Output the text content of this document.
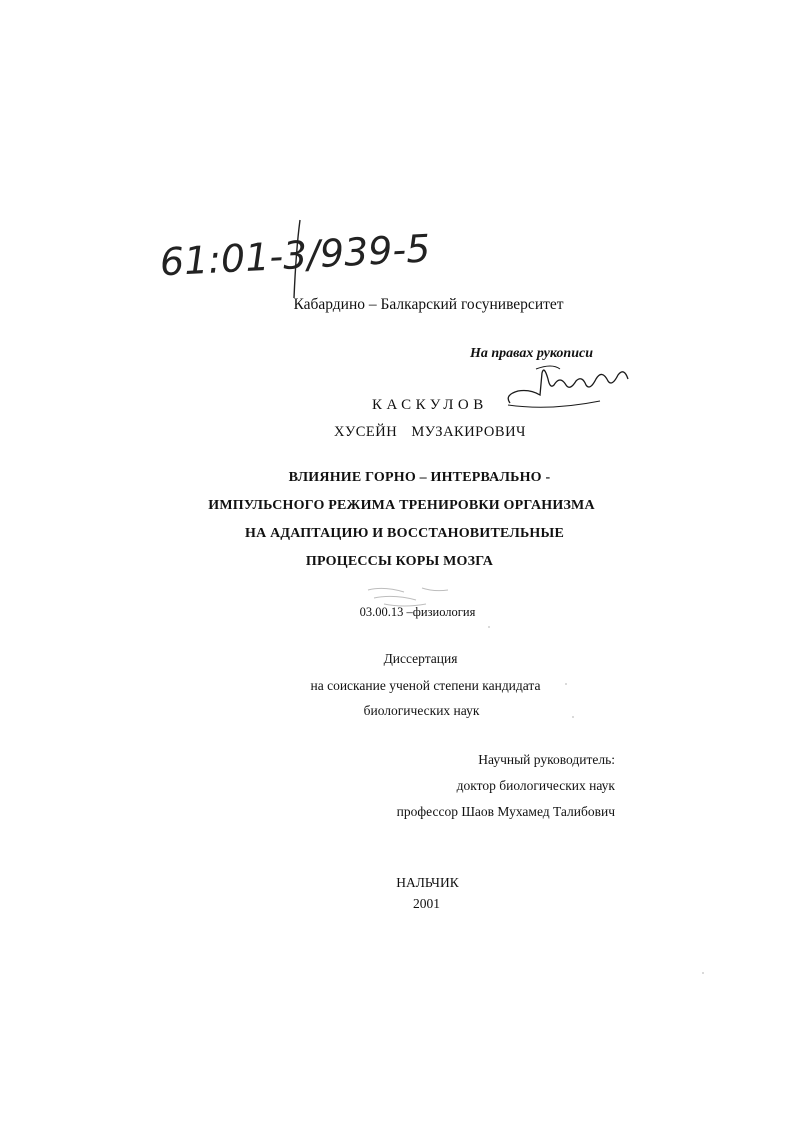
61:01-3/939-5
Кабардино – Балкарский госуниверситет
На правах рукописи
КАСКУЛОВ
ХУСЕЙН МУЗАКИРОВИЧ
ВЛИЯНИЕ ГОРНО – ИНТЕРВАЛЬНО -
ИМПУЛЬСНОГО РЕЖИМА ТРЕНИРОВКИ ОРГАНИЗМА
НА АДАПТАЦИЮ И ВОССТАНОВИТЕЛЬНЫЕ
ПРОЦЕССЫ КОРЫ МОЗГА
03.00.13 –физиология
Диссертация
на соискание ученой степени кандидата
биологических наук
Научный руководитель:
доктор биологических наук
профессор Шаов Мухамед Талибович
НАЛЬЧИК
2001
